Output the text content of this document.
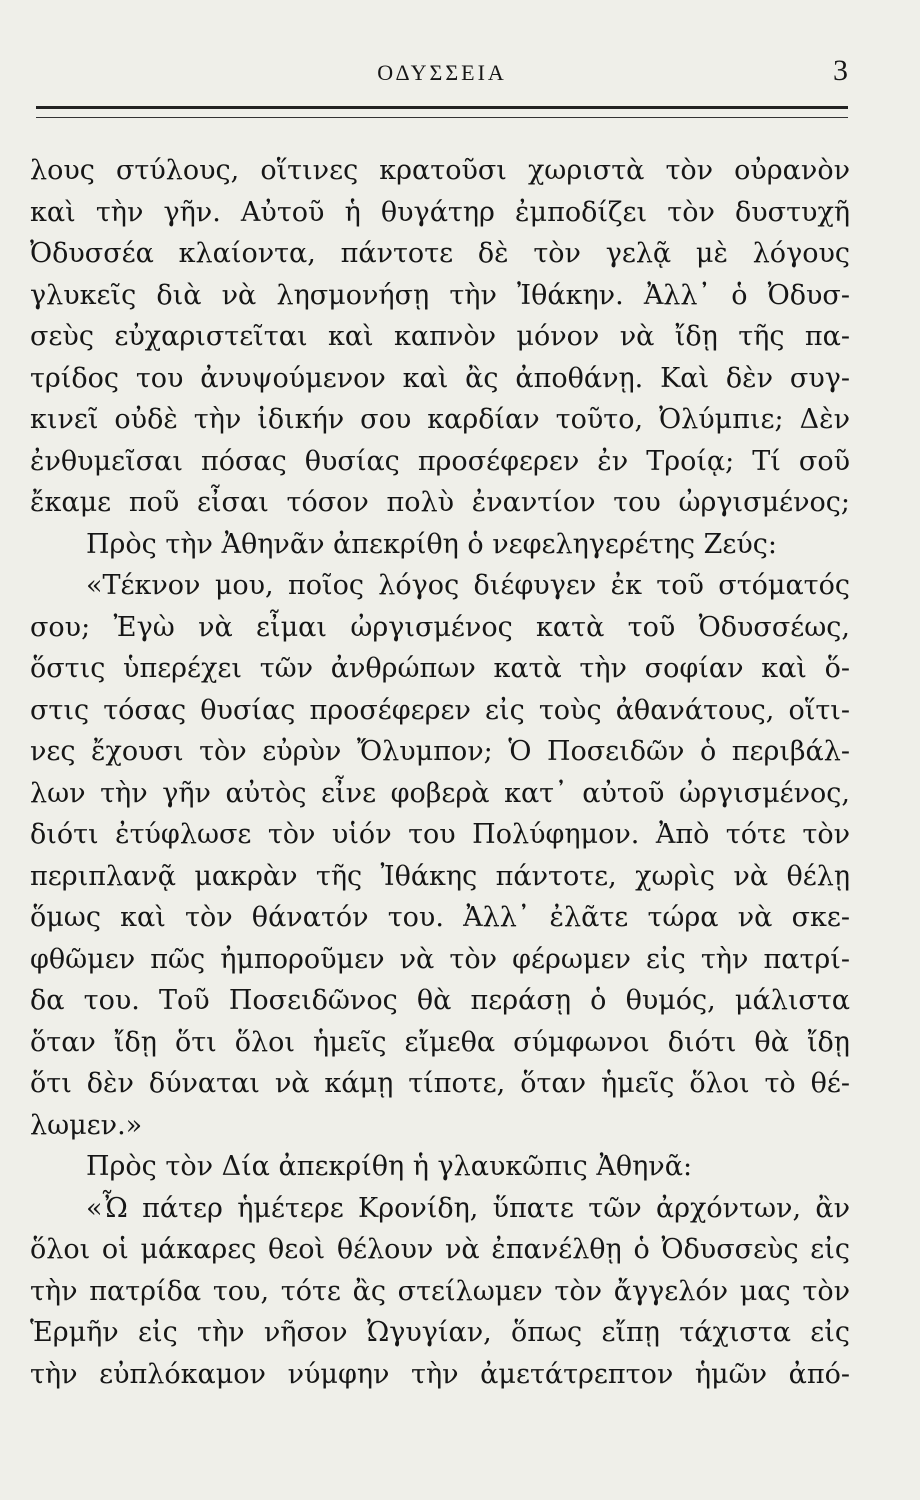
ΟΔΥΣΣΕΙΑ	3
λους στύλους, οἵτινες κρατοῦσι χωριστὰ τὸν οὐρανὸν
καὶ τὴν γῆν. Αὐτοῦ ἡ θυγάτηρ ἐμποδίζει τὸν δυστυχῆ
Ὀδυσσέα κλαίοντα, πάντοτε δὲ τὸν γελᾷ μὲ λόγους
γλυκεῖς διὰ νὰ λησμονήσῃ τὴν Ἰθάκην. Ἀλλ᾽ ὁ Ὀδυσ-
σεὺς εὐχαριστεῖται καὶ καπνὸν μόνον νὰ ἴδῃ τῆς πα-
τρίδος του ἀνυψούμενον καὶ ἂς ἀποθάνῃ. Καὶ δὲν συγ-
κινεῖ οὐδὲ τὴν ἰδικήν σου καρδίαν τοῦτο, Ὀλύμπιε; Δὲν
ἐνθυμεῖσαι πόσας θυσίας προσέφερεν ἐν Τροίᾳ; Τί σοῦ
ἔκαμε ποῦ εἶσαι τόσον πολὺ ἐναντίον του ὠργισμένος;
Πρὸς τὴν Ἀθηνᾶν ἀπεκρίθη ὁ νεφεληγερέτης Ζεύς:
«Τέκνον μου, ποῖος λόγος διέφυγεν ἐκ τοῦ στόματός
σου; Ἐγὼ νὰ εἶμαι ὠργισμένος κατὰ τοῦ Ὀδυσσέως,
ὅστις ὑπερέχει τῶν ἀνθρώπων κατὰ τὴν σοφίαν καὶ ὅ-
στις τόσας θυσίας προσέφερεν εἰς τοὺς ἀθανάτους, οἵτι-
νες ἔχουσι τὸν εὐρὺν Ὄλυμπον; Ὁ Ποσειδῶν ὁ περιβάλ-
λων τὴν γῆν αὐτὸς εἶνε φοβερὰ κατ᾽ αὐτοῦ ὠργισμένος,
διότι ἐτύφλωσε τὸν υἱόν του Πολύφημον. Ἀπὸ τότε τὸν
περιπλανᾷ μακρὰν τῆς Ἰθάκης πάντοτε, χωρὶς νὰ θέλῃ
ὅμως καὶ τὸν θάνατόν του. Ἀλλ᾽ ἐλᾶτε τώρα νὰ σκε-
φθῶμεν πῶς ἠμποροῦμεν νὰ τὸν φέρωμεν εἰς τὴν πατρί-
δα του. Τοῦ Ποσειδῶνος θὰ περάσῃ ὁ θυμός, μάλιστα
ὅταν ἴδῃ ὅτι ὅλοι ἡμεῖς εἴμεθα σύμφωνοι διότι θὰ ἴδῃ
ὅτι δὲν δύναται νὰ κάμῃ τίποτε, ὅταν ἡμεῖς ὅλοι τὸ θέ-
λωμεν.»
Πρὸς τὸν Δία ἀπεκρίθη ἡ γλαυκῶπις Ἀθηνᾶ:
«Ὦ πάτερ ἡμέτερε Κρονίδη, ὕπατε τῶν ἀρχόντων, ἂν
ὅλοι οἱ μάκαρες θεοὶ θέλουν νὰ ἐπανέλθῃ ὁ Ὀδυσσεὺς εἰς
τὴν πατρίδα του, τότε ἂς στείλωμεν τὸν ἄγγελόν μας τὸν
Ἑρμῆν εἰς τὴν νῆσον Ὠγυγίαν, ὅπως εἴπῃ τάχιστα εἰς
τὴν εὐπλόκαμον νύμφην τὴν ἀμετάτρεπτον ἡμῶν ἀπό-
